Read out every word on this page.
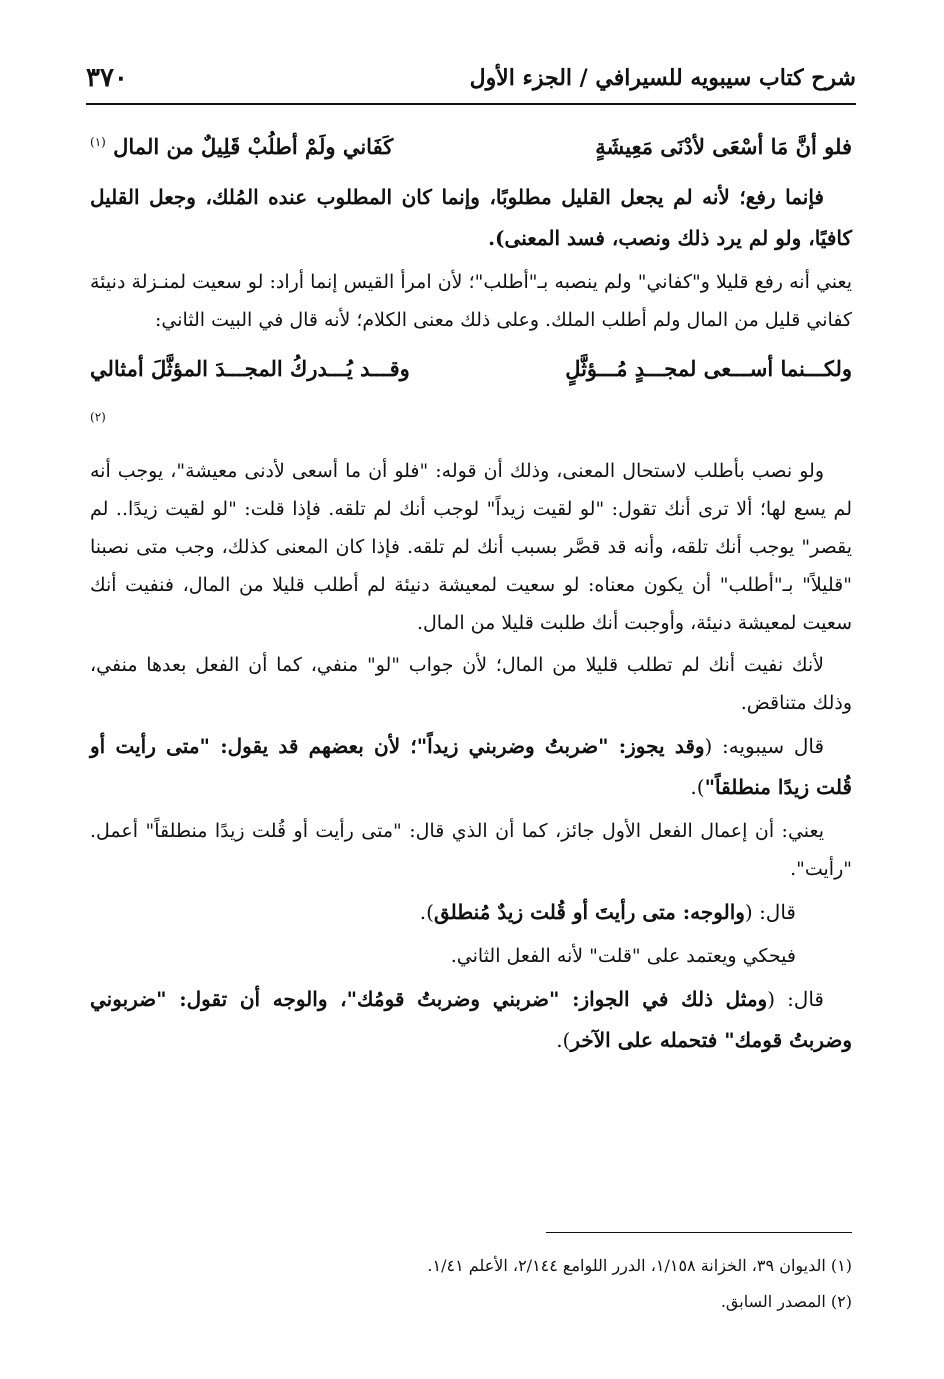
٣٧٠	شرح كتاب سيبويه للسيرافي / الجزء الأول
فلو أنَّ مَا أسْعَى لأدْنَى مَعِيشَةٍ
كَفَاني ولَمْ أطلُبْ قَلِيلٌ من المال $^{(١)}$

فإنما رفع؛ لأنه لم يجعل القليل مطلوبًا، وإنما كان المطلوب عنده المُلك، وجعل القليل كافيًا، ولو لم يرد ذلك ونصب، فسد المعنى).

يعني أنه رفع قليلا و"كفاني" ولم ينصبه بـ"أطلب"؛ لأن امرأ القيس إنما أراد: لو سعيت لمنـزلة دنيئة كفاني قليل من المال ولم أطلب الملك. وعلى ذلك معنى الكلام؛ لأنه قال في البيت الثاني:

ولكـــنما أســـعى لمجـــدٍ مُـــؤثَّلٍ
وقـــد يُـــدركُ المجـــدَ المؤثَّلَ أمثالي $^{(٢)}$

ولو نصب بأطلب لاستحال المعنى، وذلك أن قوله: "فلو أن ما أسعى لأدنى معيشة"، يوجب أنه لم يسع لها؛ ألا ترى أنك تقول: "لو لقيت زيداً" لوجب أنك لم تلقه. فإذا قلت: "لو لقيت زيدًا.. لم يقصر" يوجب أنك تلقه، وأنه قد قصَّر بسبب أنك لم تلقه. فإذا كان المعنى كذلك، وجب متى نصبنا "قليلاً" بـ"أطلب" أن يكون معناه: لو سعيت لمعيشة دنيئة لم أطلب قليلا من المال، فنفيت أنك سعيت لمعيشة دنيئة، وأوجبت أنك طلبت قليلا من المال.

لأنك نفيت أنك لم تطلب قليلا من المال؛ لأن جواب "لو" منفي، كما أن الفعل بعدها منفي، وذلك متناقض.

قال سيبويه: (وقد يجوز: "ضربتُ وضربني زيداً"؛ لأن بعضهم قد يقول: "متى رأيت أو قُلت زيدًا منطلقاً").

يعني: أن إعمال الفعل الأول جائز، كما أن الذي قال: "متى رأيت أو قُلت زيدًا منطلقاً" أعمل. "رأيت".

قال: (والوجه: متى رأيتَ أو قُلت زيدٌ مُنطلق).

فيحكي ويعتمد على "قلت" لأنه الفعل الثاني.

قال: (ومثل ذلك في الجواز: "ضربني وضربتُ قومُك"، والوجه أن تقول: "ضربوني وضربتُ قومك" فتحمله على الآخر).

(١) الديوان ٣٩، الخزانة ١/١٥٨، الدرر اللوامع ٢/١٤٤، الأعلم ١/٤١.
(٢) المصدر السابق.
